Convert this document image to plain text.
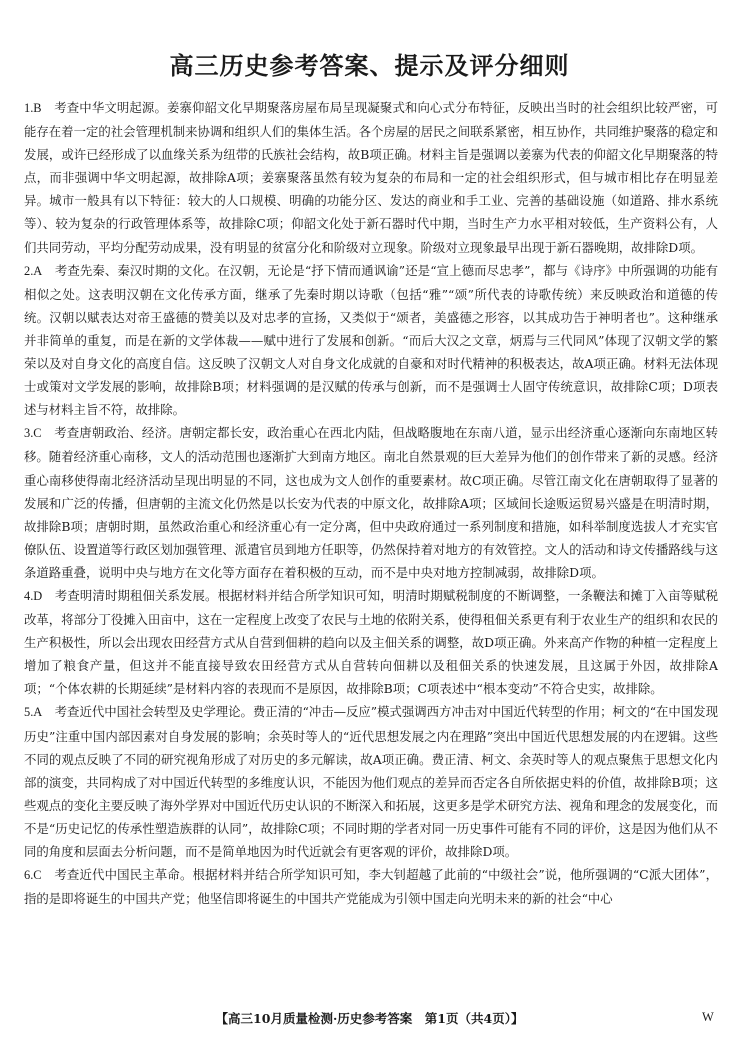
高三历史参考答案、提示及评分细则

1.B　 考查中华文明起源。姜寨仰韶文化早期聚落房屋布局呈现凝聚式和向心式分布特征，反映出当时的社会组织比较严密，可能存在着一定的社会管理机制来协调和组织人们的集体生活。各个房屋的居民之间联系紧密，相互协作，共同维护聚落的稳定和发展，或许已经形成了以血缘关系为纽带的氏族社会结构，故B项正确。材料主旨是强调以姜寨为代表的仰韶文化早期聚落的特点，而非强调中华文明起源，故排除A项；姜寨聚落虽然有较为复杂的布局和一定的社会组织形式，但与城市相比存在明显差异。城市一般具有以下特征：较大的人口规模、明确的功能分区、发达的商业和手工业、完善的基础设施（如道路、排水系统等）、较为复杂的行政管理体系等，故排除C项；仰韶文化处于新石器时代中期，当时生产力水平相对较低，生产资料公有，人们共同劳动，平均分配劳动成果，没有明显的贫富分化和阶级对立现象。阶级对立现象最早出现于新石器晚期，故排除D项。

2.A　 考查先秦、秦汉时期的文化。在汉朝，无论是“抒下情而通讽谕”还是“宣上德而尽忠孝”，都与《诗序》中所强调的功能有相似之处。这表明汉朝在文化传承方面，继承了先秦时期以诗歌（包括“雅”“颂”所代表的诗歌传统）来反映政治和道德的传统。汉朝以赋表达对帝王盛德的赞美以及对忠孝的宣扬，又类似于“颂者，美盛德之形容，以其成功告于神明者也”。这种继承并非简单的重复，而是在新的文学体裁——赋中进行了发展和创新。“而后大汉之文章，炳焉与三代同风”体现了汉朝文学的繁荣以及对自身文化的高度自信。这反映了汉朝文人对自身文化成就的自豪和对时代精神的积极表达，故A项正确。材料无法体现士或策对文学发展的影响，故排除B项；材料强调的是汉赋的传承与创新，而不是强调士人固守传统意识，故排除C项；D项表述与材料主旨不符，故排除。

3.C　 考查唐朝政治、经济。唐朝定都长安，政治重心在西北内陆，但战略腹地在东南八道，显示出经济重心逐渐向东南地区转移。随着经济重心南移，文人的活动范围也逐渐扩大到南方地区。南北自然景观的巨大差异为他们的创作带来了新的灵感。经济重心南移使得南北经济活动呈现出明显的不同，这也成为文人创作的重要素材。故C项正确。尽管江南文化在唐朝取得了显著的发展和广泛的传播，但唐朝的主流文化仍然是以长安为代表的中原文化，故排除A项；区域间长途贩运贸易兴盛是在明清时期，故排除B项；唐朝时期，虽然政治重心和经济重心有一定分离，但中央政府通过一系列制度和措施，如科举制度选拔人才充实官僚队伍、设置道等行政区划加强管理、派遣官员到地方任职等，仍然保持着对地方的有效管控。文人的活动和诗文传播路线与这条道路重叠，说明中央与地方在文化等方面存在着积极的互动，而不是中央对地方控制减弱，故排除D项。

4.D　 考查明清时期租佃关系发展。根据材料并结合所学知识可知，明清时期赋税制度的不断调整，一条鞭法和摊丁入亩等赋税改革，将部分丁役摊入田亩中，这在一定程度上改变了农民与土地的依附关系，使得租佃关系更有利于农业生产的组织和农民的生产积极性，所以会出现农田经营方式从自营到佃耕的趋向以及主佃关系的调整，故D项正确。外来高产作物的种植一定程度上增加了粮食产量，但这并不能直接导致农田经营方式从自营转向佃耕以及租佃关系的快速发展，且这属于外因，故排除A项；“个体农耕的长期延续”是材料内容的表现而不是原因，故排除B项；C项表述中“根本变动”不符合史实，故排除。

5.A　 考查近代中国社会转型及史学理论。费正清的“冲击—反应”模式强调西方冲击对中国近代转型的作用；柯文的“在中国发现历史”注重中国内部因素对自身发展的影响；余英时等人的“近代思想发展之内在理路”突出中国近代思想发展的内在逻辑。这些不同的观点反映了不同的研究视角形成了对历史的多元解读，故A项正确。费正清、柯文、余英时等人的观点聚焦于思想文化内部的演变，共同构成了对中国近代转型的多维度认识，不能因为他们观点的差异而否定各自所依据史料的价值，故排除B项；这些观点的变化主要反映了海外学界对中国近代历史认识的不断深入和拓展，这更多是学术研究方法、视角和理念的发展变化，而不是“历史记忆的传承性塑造族群的认同”，故排除C项；不同时期的学者对同一历史事件可能有不同的评价，这是因为他们从不同的角度和层面去分析问题，而不是简单地因为时代近就会有更客观的评价，故排除D项。

6.C　 考查近代中国民主革命。根据材料并结合所学知识可知，李大钊超越了此前的“中级社会”说，他所强调的“C派大团体”，指的是即将诞生的中国共产党；他坚信即将诞生的中国共产党能成为引领中国走向光明未来的新的社会“中心

【高三10月质量检测·历史参考答案　第1页（共4页）】	W
